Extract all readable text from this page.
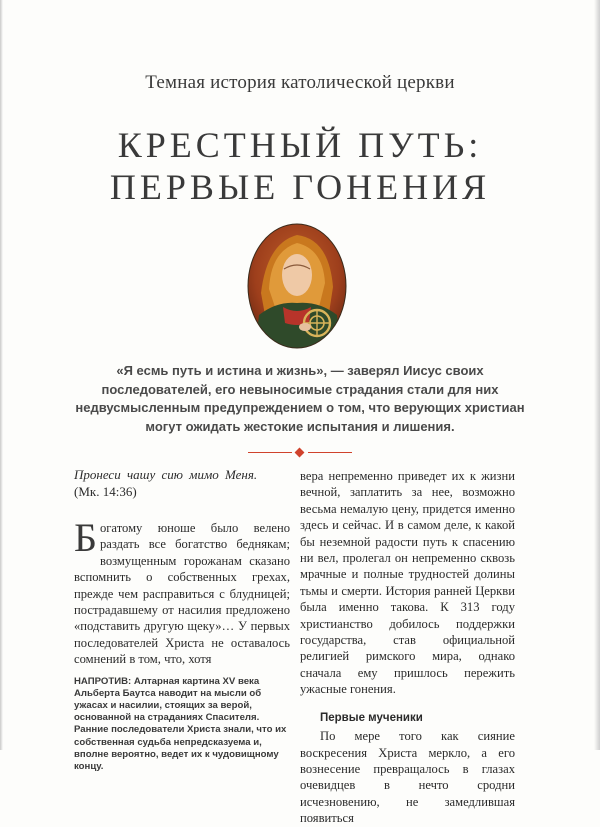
Темная история католической церкви
КРЕСТНЫЙ ПУТЬ:
ПЕРВЫЕ ГОНЕНИЯ
«Я есмь путь и истина и жизнь», — заверял Иисус своих последователей, его невыносимые страдания стали для них недвусмысленным предупреждением о том, что верующих христиан могут ожидать жестокие испытания и лишения.
Пронеси чашу сию мимо Меня.
(Мк. 14:36)
Богатому юноше было велено раздать все богатство беднякам; возмущенным горожанам сказано вспомнить о собственных грехах, прежде чем расправиться с блудницей; пострадавшему от насилия предложено «подставить другую щеку»… У первых последователей Христа не оставалось сомнений в том, что, хотя
НАПРОТИВ: Алтарная картина XV века Альберта Баутса наводит на мысли об ужасах и насилии, стоящих за верой, основанной на страданиях Спасителя. Ранние последователи Христа знали, что их собственная судьба непредсказуема и, вполне вероятно, ведет их к чудовищному концу.
вера непременно приведет их к жизни вечной, заплатить за нее, возможно весьма немалую цену, придется именно здесь и сейчас. И в самом деле, к какой бы неземной радости путь к спасению ни вел, пролегал он непременно сквозь мрачные и полные трудностей долины тьмы и смерти. История ранней Церкви была именно такова. К 313 году христианство добилось поддержки государства, став официальной религией римского мира, однако сначала ему пришлось пережить ужасные гонения.
Первые мученики
По мере того как сияние воскресения Христа меркло, а его вознесение превращалось в глазах очевидцев в нечто сродни исчезновению, не замедлившая появиться
